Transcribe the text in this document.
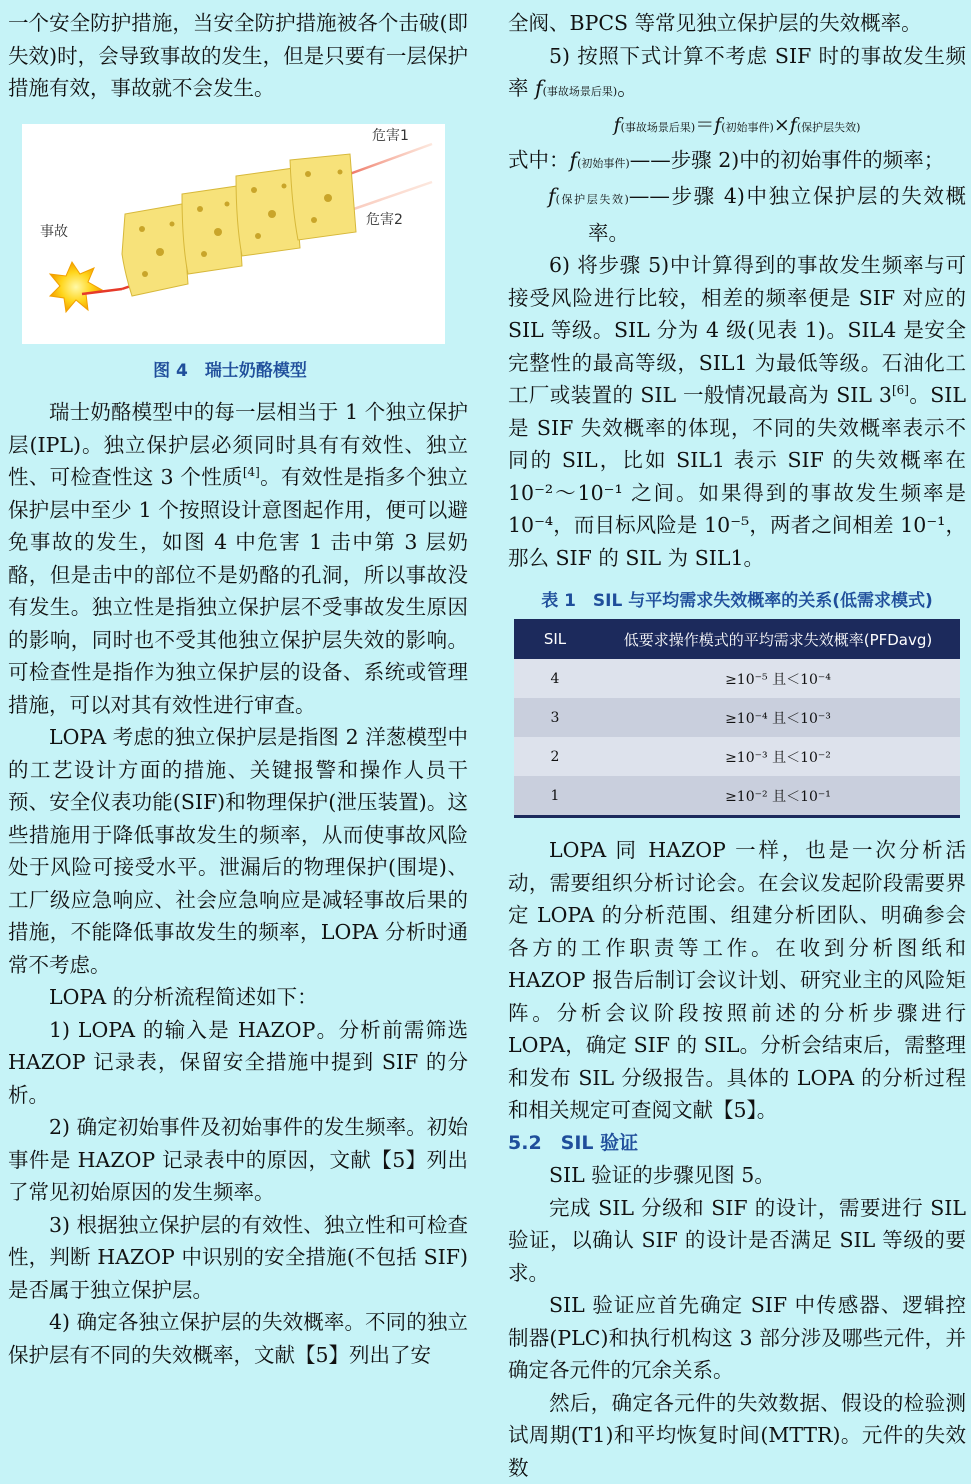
一个安全防护措施，当安全防护措施被各个击破(即失效)时，会导致事故的发生，但是只要有一层保护措施有效，事故就不会发生。

危害1
危害2
事故
图 4　瑞士奶酪模型

瑞士奶酪模型中的每一层相当于 1 个独立保护层(IPL)。独立保护层必须同时具有有效性、独立性、可检查性这 3 个性质[4]。有效性是指多个独立保护层中至少 1 个按照设计意图起作用，便可以避免事故的发生，如图 4 中危害 1 击中第 3 层奶酪，但是击中的部位不是奶酪的孔洞，所以事故没有发生。独立性是指独立保护层不受事故发生原因的影响，同时也不受其他独立保护层失效的影响。可检查性是指作为独立保护层的设备、系统或管理措施，可以对其有效性进行审查。

LOPA 考虑的独立保护层是指图 2 洋葱模型中的工艺设计方面的措施、关键报警和操作人员干预、安全仪表功能(SIF)和物理保护(泄压装置)。这些措施用于降低事故发生的频率，从而使事故风险处于风险可接受水平。泄漏后的物理保护(围堤)、工厂级应急响应、社会应急响应是减轻事故后果的措施，不能降低事故发生的频率，LOPA 分析时通常不考虑。

LOPA 的分析流程简述如下：

1) LOPA 的输入是 HAZOP。分析前需筛选 HAZOP 记录表，保留安全措施中提到 SIF 的分析。

2) 确定初始事件及初始事件的发生频率。初始事件是 HAZOP 记录表中的原因，文献【5】列出了常见初始原因的发生频率。

3) 根据独立保护层的有效性、独立性和可检查性，判断 HAZOP 中识别的安全措施(不包括 SIF)是否属于独立保护层。

4) 确定各独立保护层的失效概率。不同的独立保护层有不同的失效概率，文献【5】列出了安

全阀、BPCS 等常见独立保护层的失效概率。

5) 按照下式计算不考虑 SIF 时的事故发生频率 f(事故场景后果)。

f(事故场景后果)＝f(初始事件)×f(保护层失效)

式中：f(初始事件)——步骤 2)中的初始事件的频率；

f(保护层失效)——步骤 4)中独立保护层的失效概率。

6) 将步骤 5)中计算得到的事故发生频率与可接受风险进行比较，相差的频率便是 SIF 对应的 SIL 等级。SIL 分为 4 级(见表 1)。SIL4 是安全完整性的最高等级，SIL1 为最低等级。石油化工工厂或装置的 SIL 一般情况最高为 SIL 3[6]。SIL 是 SIF 失效概率的体现，不同的失效概率表示不同的 SIL，比如 SIL1 表示 SIF 的失效概率在 10⁻²～10⁻¹ 之间。如果得到的事故发生频率是 10⁻⁴，而目标风险是 10⁻⁵，两者之间相差 10⁻¹，那么 SIF 的 SIL 为 SIL1。

表 1　SIL 与平均需求失效概率的关系(低需求模式)
SIL	低要求操作模式的平均需求失效概率(PFDavg)
4	≥10⁻⁵ 且＜10⁻⁴
3	≥10⁻⁴ 且＜10⁻³
2	≥10⁻³ 且＜10⁻²
1	≥10⁻² 且＜10⁻¹

LOPA 同 HAZOP 一样，也是一次分析活动，需要组织分析讨论会。在会议发起阶段需要界定 LOPA 的分析范围、组建分析团队、明确参会各方的工作职责等工作。在收到分析图纸和 HAZOP 报告后制订会议计划、研究业主的风险矩阵。分析会议阶段按照前述的分析步骤进行 LOPA，确定 SIF 的 SIL。分析会结束后，需整理和发布 SIL 分级报告。具体的 LOPA 的分析过程和相关规定可查阅文献【5】。

5.2　SIL 验证

SIL 验证的步骤见图 5。

完成 SIL 分级和 SIF 的设计，需要进行 SIL 验证，以确认 SIF 的设计是否满足 SIL 等级的要求。

SIL 验证应首先确定 SIF 中传感器、逻辑控制器(PLC)和执行机构这 3 部分涉及哪些元件，并确定各元件的冗余关系。

然后，确定各元件的失效数据、假设的检验测试周期(T1)和平均恢复时间(MTTR)。元件的失效数
